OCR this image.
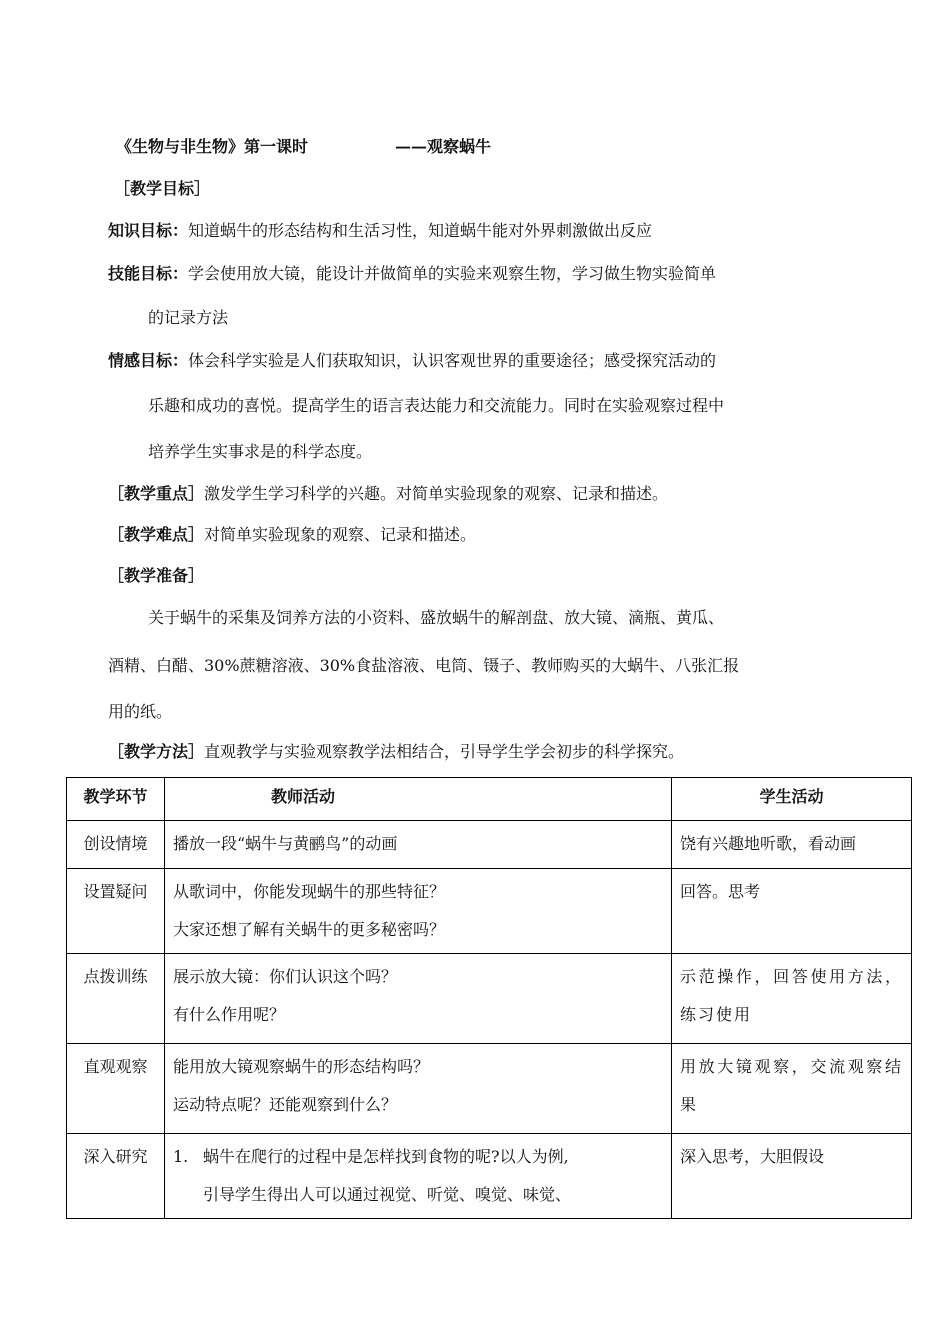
《生物与非生物》第一课时	——观察蜗牛
［教学目标］
知识目标：知道蜗牛的形态结构和生活习性，知道蜗牛能对外界刺激做出反应
技能目标：学会使用放大镜，能设计并做简单的实验来观察生物，学习做生物实验简单
的记录方法
情感目标：体会科学实验是人们获取知识，认识客观世界的重要途径；感受探究活动的
乐趣和成功的喜悦。提高学生的语言表达能力和交流能力。同时在实验观察过程中
培养学生实事求是的科学态度。
［教学重点］激发学生学习科学的兴趣。对简单实验现象的观察、记录和描述。
［教学难点］对简单实验现象的观察、记录和描述。
［教学准备］
关于蜗牛的采集及饲养方法的小资料、盛放蜗牛的解剖盘、放大镜、滴瓶、黄瓜、
酒精、白醋、30%蔗糖溶液、30%食盐溶液、电筒、镊子、教师购买的大蜗牛、八张汇报
用的纸。
［教学方法］直观教学与实验观察教学法相结合，引导学生学会初步的科学探究。
教学环节	教师活动	学生活动
创设情境	播放一段“蜗牛与黄鹂鸟”的动画	饶有兴趣地听歌，看动画
设置疑问	从歌词中，你能发现蜗牛的那些特征？
大家还想了解有关蜗牛的更多秘密吗？	回答。思考
点拨训练	展示放大镜：你们认识这个吗？
有什么作用呢？	示范操作，回答使用方法，练习使用
直观观察	能用放大镜观察蜗牛的形态结构吗？
运动特点呢？还能观察到什么？	用放大镜观察，交流观察结果
深入研究	1. 蜗牛在爬行的过程中是怎样找到食物的呢?以人为例,
引导学生得出人可以通过视觉、听觉、嗅觉、味觉、	深入思考，大胆假设
